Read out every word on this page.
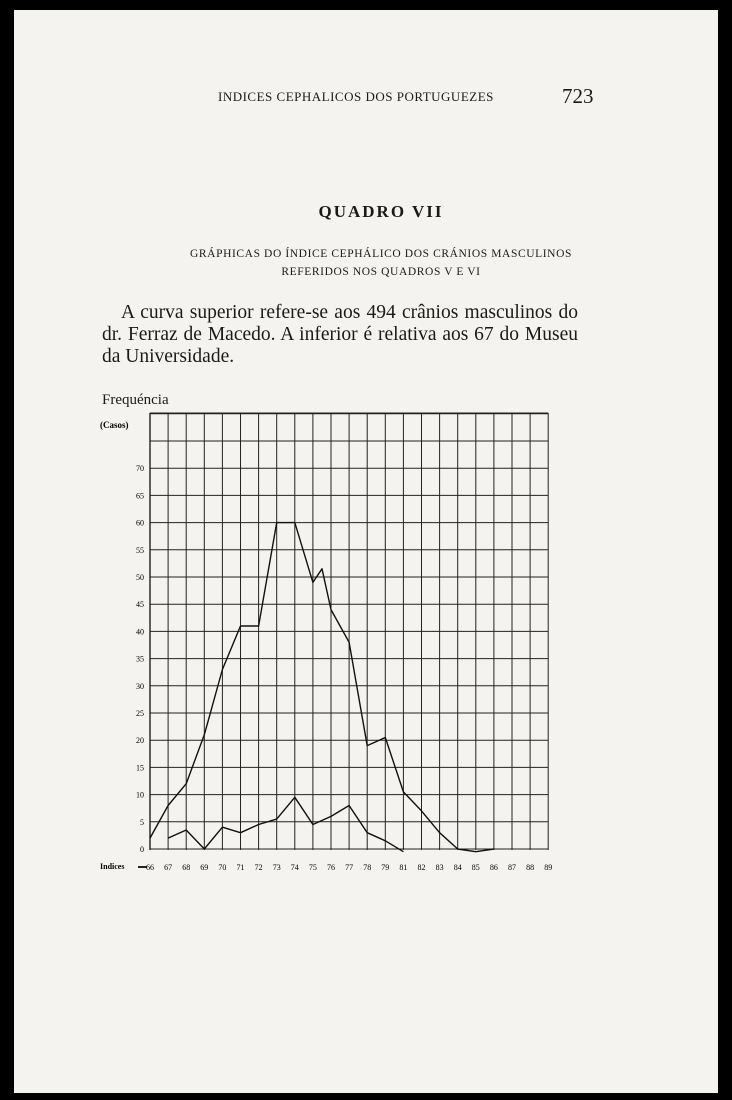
INDICES CEPHALICOS DOS PORTUGUEZES	723
QUADRO VII
GRÁPHICAS DO ÍNDICE CEPHÁLICO DOS CRÁNIOS MASCULINOS
REFERIDOS NOS QUADROS V E VI
A curva superior refere-se aos 494 crânios masculinos do dr. Ferraz de Macedo. A inferior é relativa aos 67 do Museu da Universidade.
Frequéncia
(Casos)
0
5
10
15
20
25
30
35
40
45
50
55
60
65
70
Indices	66 67 68 69 70 71 72 73 74 75 76 77 78 79 81 82 83 84 85 86 87 88 89
